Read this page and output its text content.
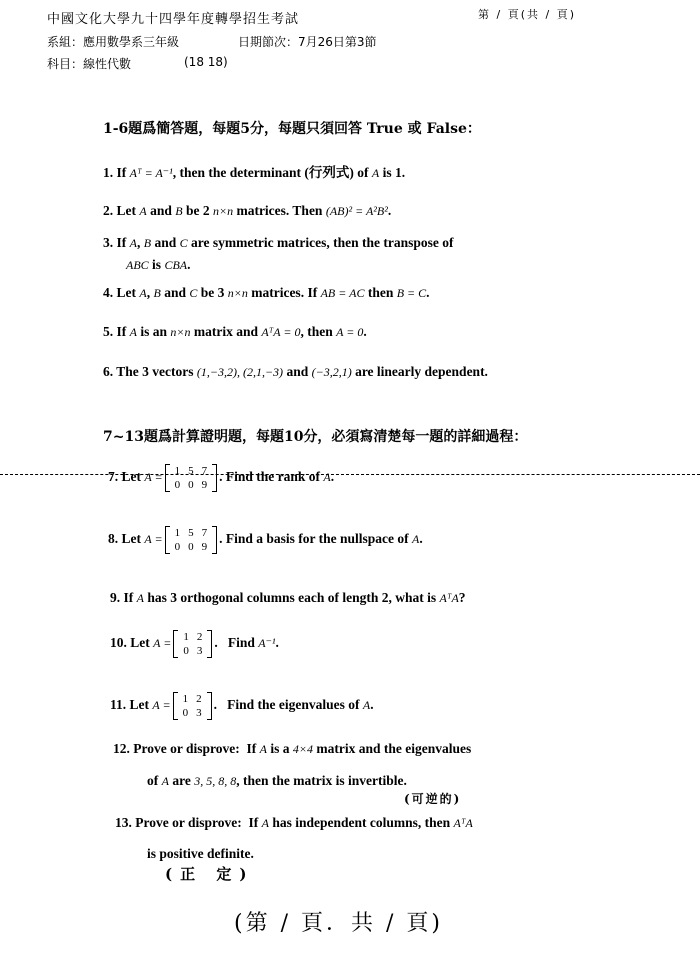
中國文化大學九十四學年度轉學招生考試	第 / 頁(共 / 頁)
系組：應用數學系三年級	日期節次：7月26日第3節
科目：線性代數	(18 18)
1-6題爲簡答題，每題5分，每題只須回答 True 或 False：
1. If Aᵀ = A⁻¹, then the determinant (行列式) of A is 1.
2. Let A and B be 2 n×n matrices. Then (AB)² = A²B².
3. If A, B and C are symmetric matrices, then the transpose of
ABC is CBA.
4. Let A, B and C be 3 n×n matrices. If AB = AC then B = C.
5. If A is an n×n matrix and AᵀA = 0, then A = 0.
6. The 3 vectors (1,−3,2), (2,1,−3) and (−3,2,1) are linearly dependent.
7~13題爲計算證明題，每題10分，必須寫清楚每一題的詳細過程：
7. Let A = 1	5	7
0	0	9
. Find the rank of A.
8. Let A = 1	5	7
0	0	9
. Find a basis for the nullspace of A.
9. If A has 3 orthogonal columns each of length 2, what is AᵀA?
10. Let A = 1	2
0	3
. Find A⁻¹.
11. Let A = 1	2
0	3
. Find the eigenvalues of A.
12. Prove or disprove: If A is a 4×4 matrix and the eigenvalues
of A are 3, 5, 8, 8, then the matrix is invertible.
(可逆的)
13. Prove or disprove: If A has independent columns, then AᵀA
is positive definite.
(正 定)
(第 / 頁．共 / 頁)
